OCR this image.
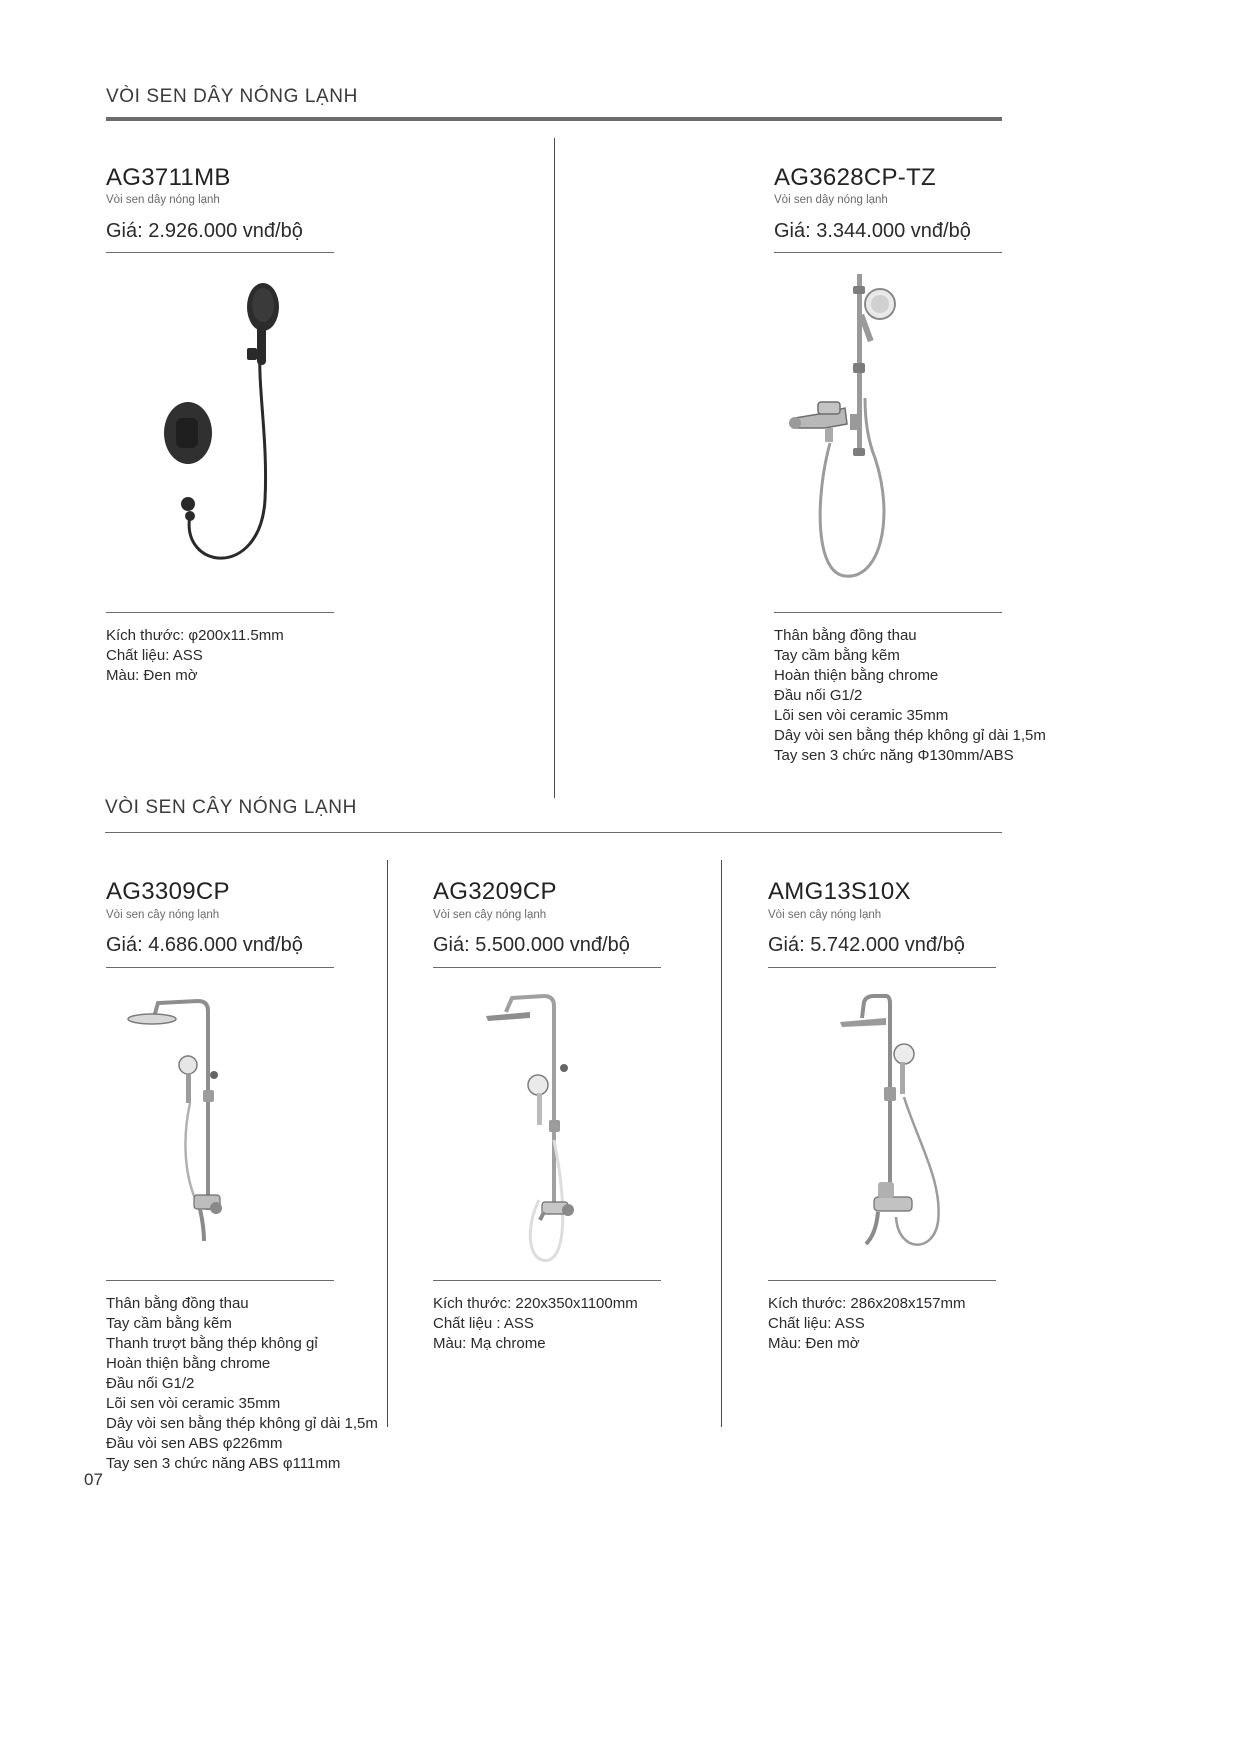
VÒI SEN DÂY NÓNG LẠNH
AG3711MB
Vòi sen dây nóng lạnh
Giá: 2.926.000 vnđ/bộ
Kích thước: φ200x11.5mm
Chất liệu: ASS
Màu: Đen mờ
AG3628CP-TZ
Vòi sen dây nóng lạnh
Giá: 3.344.000 vnđ/bộ
Thân bằng đồng thau
Tay cầm bằng kẽm
Hoàn thiện bằng chrome
Đầu nối G1/2
Lõi sen vòi ceramic 35mm
Dây vòi sen bằng thép không gỉ dài 1,5m
Tay sen 3 chức năng Φ130mm/ABS
VÒI SEN CÂY NÓNG LẠNH
AG3309CP
Vòi sen cây nóng lạnh
Giá: 4.686.000 vnđ/bộ
Thân bằng đồng thau
Tay cầm bằng kẽm
Thanh trượt bằng thép không gỉ
Hoàn thiện bằng chrome
Đầu nối G1/2
Lõi sen vòi ceramic 35mm
Dây vòi sen bằng thép không gỉ dài 1,5m
Đầu vòi sen ABS φ226mm
Tay sen 3 chức năng ABS φ111mm
AG3209CP
Vòi sen cây nóng lạnh
Giá: 5.500.000 vnđ/bộ
Kích thước: 220x350x1100mm
Chất liệu : ASS
Màu: Mạ chrome
AMG13S10X
Vòi sen cây nóng lạnh
Giá: 5.742.000 vnđ/bộ
Kích thước: 286x208x157mm
Chất liệu: ASS
Màu: Đen mờ
07
